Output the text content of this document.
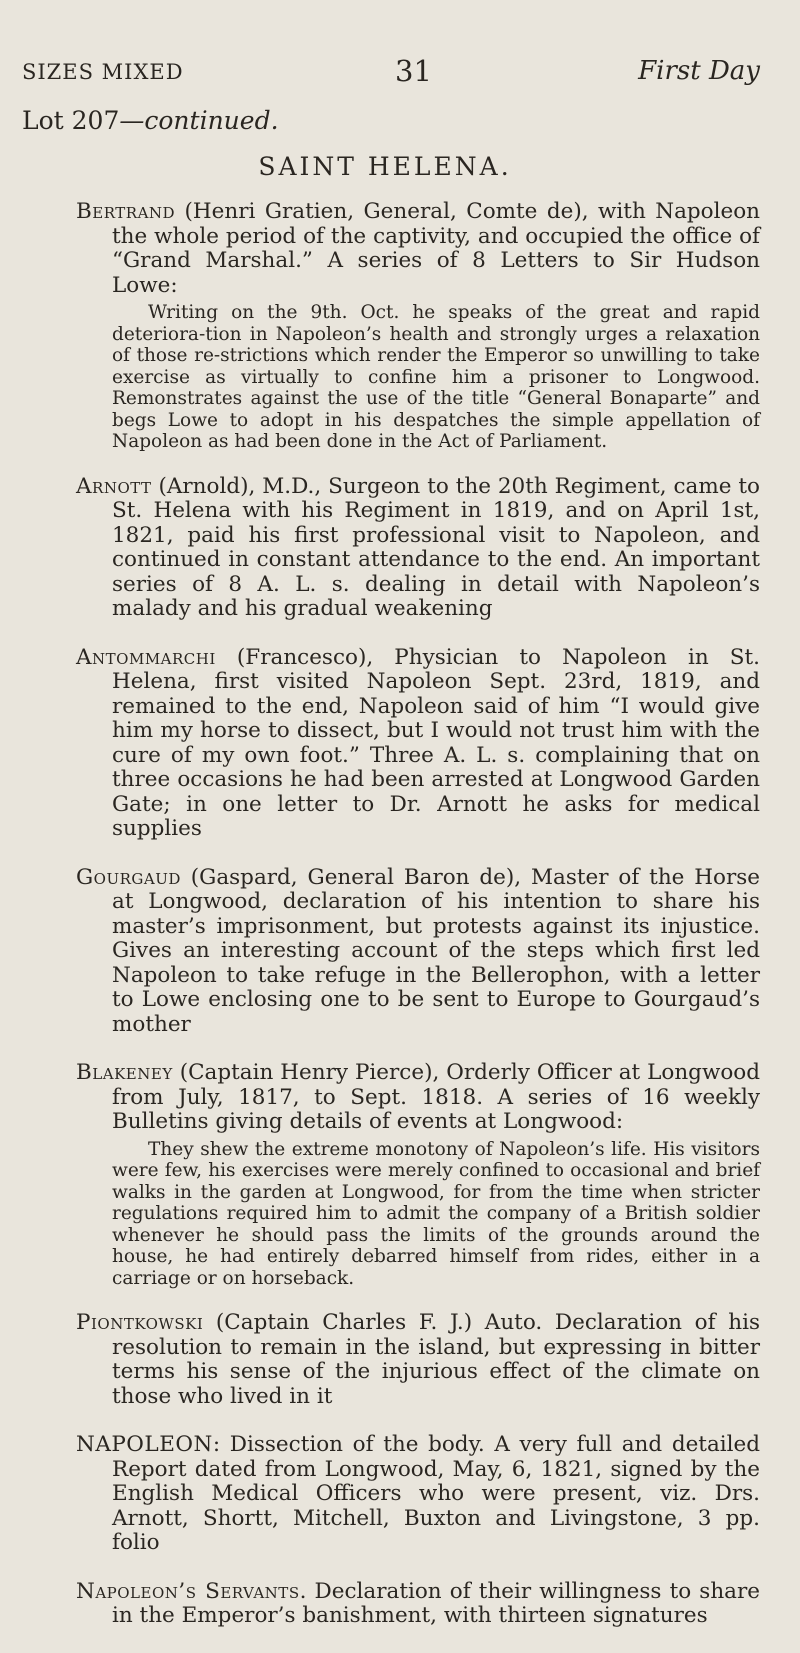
SIZES MIXED	31	First Day
Lot 207—continued.
SAINT HELENA.

Bertrand (Henri Gratien, General, Comte de), with Napoleon the whole period of the captivity, and occupied the office of “Grand Marshal.” A series of 8 Letters to Sir Hudson Lowe:

Writing on the 9th. Oct. he speaks of the great and rapid deteriora-tion in Napoleon’s health and strongly urges a relaxation of those re-strictions which render the Emperor so unwilling to take exercise as virtually to confine him a prisoner to Longwood. Remonstrates against the use of the title “General Bonaparte” and begs Lowe to adopt in his despatches the simple appellation of Napoleon as had been done in the Act of Parliament.

Arnott (Arnold), M.D., Surgeon to the 20th Regiment, came to St. Helena with his Regiment in 1819, and on April 1st, 1821, paid his first professional visit to Napoleon, and continued in constant attendance to the end. An important series of 8 A. L. s. dealing in detail with Napoleon’s malady and his gradual weakening

Antommarchi (Francesco), Physician to Napoleon in St. Helena, first visited Napoleon Sept. 23rd, 1819, and remained to the end, Napoleon said of him “I would give him my horse to dissect, but I would not trust him with the cure of my own foot.” Three A. L. s. complaining that on three occasions he had been arrested at Longwood Garden Gate; in one letter to Dr. Arnott he asks for medical supplies

Gourgaud (Gaspard, General Baron de), Master of the Horse at Longwood, declaration of his intention to share his master’s imprisonment, but protests against its injustice. Gives an interesting account of the steps which first led Napoleon to take refuge in the Bellerophon, with a letter to Lowe enclosing one to be sent to Europe to Gourgaud’s mother

Blakeney (Captain Henry Pierce), Orderly Officer at Longwood from July, 1817, to Sept. 1818. A series of 16 weekly Bulletins giving details of events at Longwood:

They shew the extreme monotony of Napoleon’s life. His visitors were few, his exercises were merely confined to occasional and brief walks in the garden at Longwood, for from the time when stricter regulations required him to admit the company of a British soldier whenever he should pass the limits of the grounds around the house, he had entirely debarred himself from rides, either in a carriage or on horseback.

Piontkowski (Captain Charles F. J.) Auto. Declaration of his resolution to remain in the island, but expressing in bitter terms his sense of the injurious effect of the climate on those who lived in it

NAPOLEON: Dissection of the body. A very full and detailed Report dated from Longwood, May, 6, 1821, signed by the English Medical Officers who were present, viz. Drs. Arnott, Shortt, Mitchell, Buxton and Livingstone, 3 pp. folio

Napoleon’s Servants. Declaration of their willingness to share in the Emperor’s banishment, with thirteen signatures
